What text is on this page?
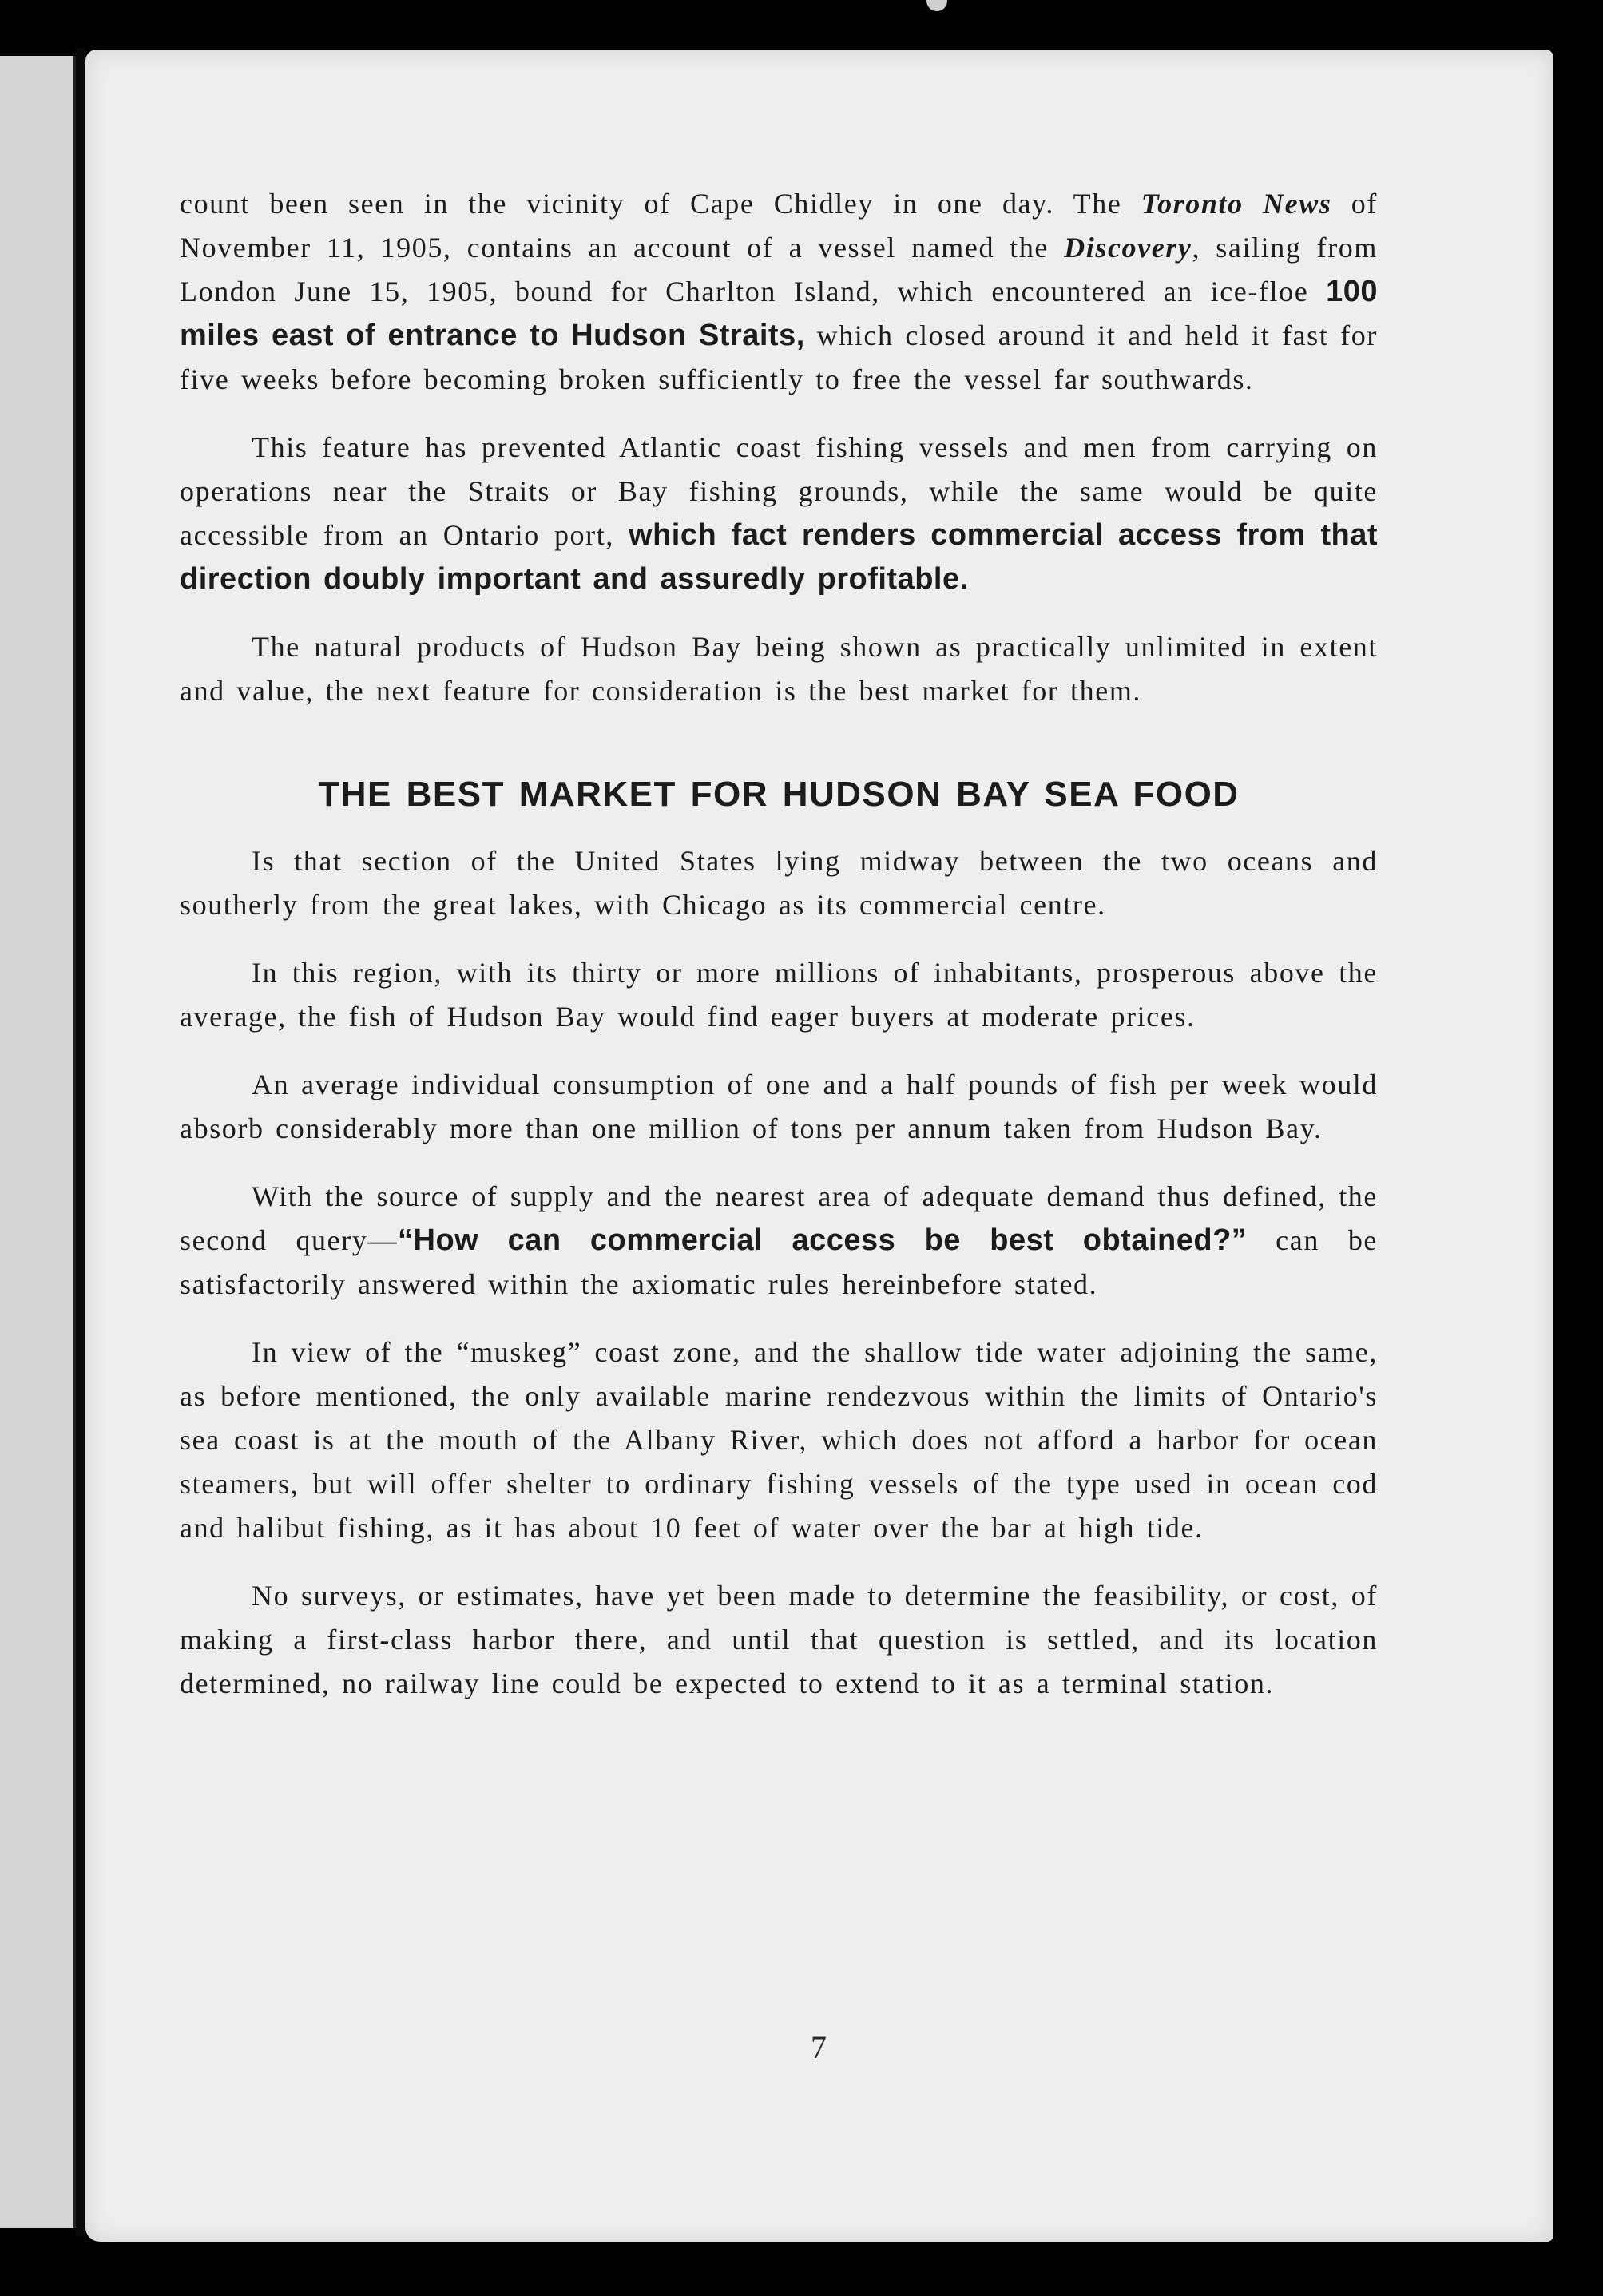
count been seen in the vicinity of Cape Chidley in one day. The Toronto News of November 11, 1905, contains an account of a vessel named the Discovery, sailing from London June 15, 1905, bound for Charlton Island, which encountered an ice-floe 100 miles east of entrance to Hudson Straits, which closed around it and held it fast for five weeks before becoming broken sufficiently to free the vessel far southwards.

This feature has prevented Atlantic coast fishing vessels and men from carrying on operations near the Straits or Bay fishing grounds, while the same would be quite accessible from an Ontario port, which fact renders commercial access from that direction doubly important and assuredly profitable.

The natural products of Hudson Bay being shown as practically unlimited in extent and value, the next feature for consideration is the best market for them.

THE BEST MARKET FOR HUDSON BAY SEA FOOD

Is that section of the United States lying midway between the two oceans and southerly from the great lakes, with Chicago as its commercial centre.

In this region, with its thirty or more millions of inhabitants, prosperous above the average, the fish of Hudson Bay would find eager buyers at moderate prices.

An average individual consumption of one and a half pounds of fish per week would absorb considerably more than one million of tons per annum taken from Hudson Bay.

With the source of supply and the nearest area of adequate demand thus defined, the second query—“How can commercial access be best obtained?” can be satisfactorily answered within the axiomatic rules hereinbefore stated.

In view of the “muskeg” coast zone, and the shallow tide water adjoining the same, as before mentioned, the only available marine rendezvous within the limits of Ontario's sea coast is at the mouth of the Albany River, which does not afford a harbor for ocean steamers, but will offer shelter to ordinary fishing vessels of the type used in ocean cod and halibut fishing, as it has about 10 feet of water over the bar at high tide.

No surveys, or estimates, have yet been made to determine the feasibility, or cost, of making a first-class harbor there, and until that question is settled, and its location determined, no railway line could be expected to extend to it as a terminal station.

7
